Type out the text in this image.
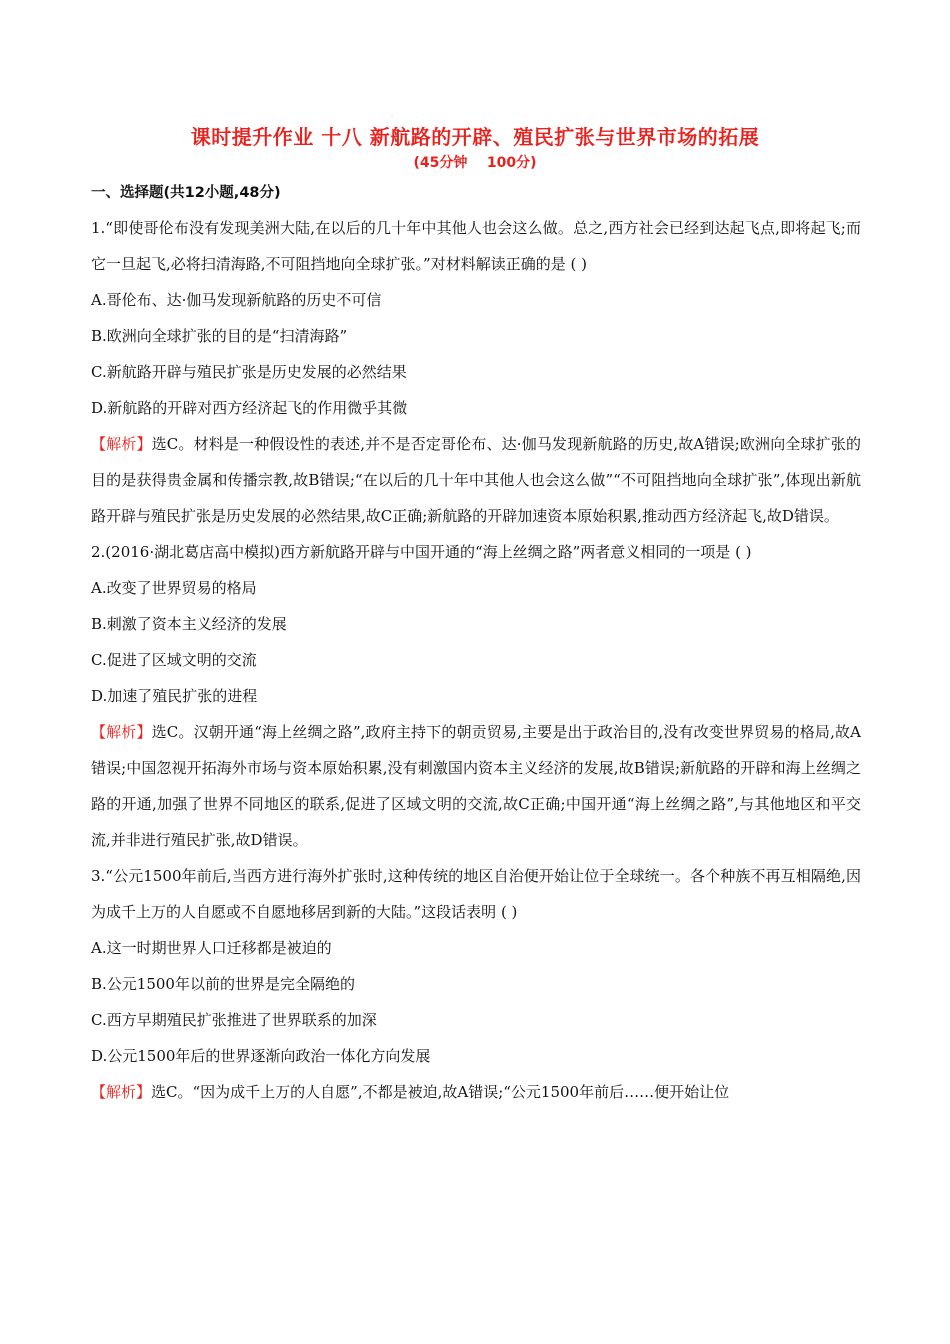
课时提升作业 十八 新航路的开辟、殖民扩张与世界市场的拓展
(45分钟    100分)
一、选择题(共12小题,48分)

1.“即使哥伦布没有发现美洲大陆,在以后的几十年中其他人也会这么做。总之,西方社会已经到达起飞点,即将起飞;而它一旦起飞,必将扫清海路,不可阻挡地向全球扩张。”对材料解读正确的是 ( )

A.哥伦布、达·伽马发现新航路的历史不可信

B.欧洲向全球扩张的目的是“扫清海路”

C.新航路开辟与殖民扩张是历史发展的必然结果

D.新航路的开辟对西方经济起飞的作用微乎其微

【解析】选C。材料是一种假设性的表述,并不是否定哥伦布、达·伽马发现新航路的历史,故A错误;欧洲向全球扩张的目的是获得贵金属和传播宗教,故B错误;“在以后的几十年中其他人也会这么做”“不可阻挡地向全球扩张”,体现出新航路开辟与殖民扩张是历史发展的必然结果,故C正确;新航路的开辟加速资本原始积累,推动西方经济起飞,故D错误。

2.(2016·湖北葛店高中模拟)西方新航路开辟与中国开通的“海上丝绸之路”两者意义相同的一项是 ( )

A.改变了世界贸易的格局

B.刺激了资本主义经济的发展

C.促进了区域文明的交流

D.加速了殖民扩张的进程

【解析】选C。汉朝开通“海上丝绸之路”,政府主持下的朝贡贸易,主要是出于政治目的,没有改变世界贸易的格局,故A错误;中国忽视开拓海外市场与资本原始积累,没有刺激国内资本主义经济的发展,故B错误;新航路的开辟和海上丝绸之路的开通,加强了世界不同地区的联系,促进了区域文明的交流,故C正确;中国开通“海上丝绸之路”,与其他地区和平交流,并非进行殖民扩张,故D错误。

3.“公元1500年前后,当西方进行海外扩张时,这种传统的地区自治便开始让位于全球统一。各个种族不再互相隔绝,因为成千上万的人自愿或不自愿地移居到新的大陆。”这段话表明 ( )

A.这一时期世界人口迁移都是被迫的

B.公元1500年以前的世界是完全隔绝的

C.西方早期殖民扩张推进了世界联系的加深

D.公元1500年后的世界逐渐向政治一体化方向发展

【解析】选C。“因为成千上万的人自愿”,不都是被迫,故A错误;“公元1500年前后……便开始让位
